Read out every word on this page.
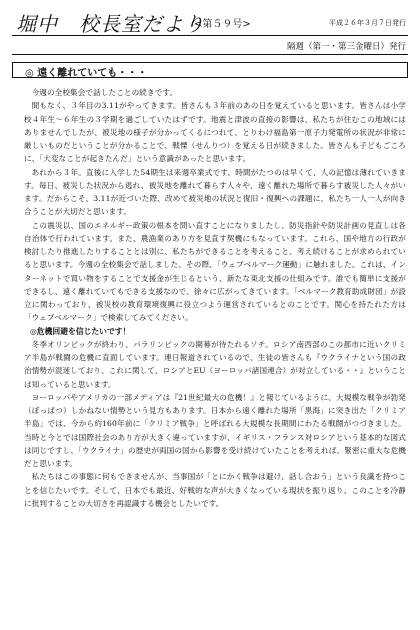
堀中　校長室だより
<第５９号>	平成２６年３月７日発行
隔週（第一・第三金曜日）発行
◎ 遠く離れていても・・・

今週の全校集会で話したことの続きです。

間もなく、３年目の3.11がやってきます。皆さんも３年前のあの日を覚えていると思います。皆さんは小学校４年生〜６年生の３学期を過ごしていたはずです。地震と津波の直接の影響は、私たちが住むこの地域にはありませんでしたが、被災地の様子が分かってくるにつれて、とりわけ福島第一原子力発電所の状況が非常に厳しいものだということが分かることで、戦慄（せんりつ）を覚える日が続きました。皆さんも子どもごころに、「大変なことが起きたんだ」という意識があったと思います。

あれから３年。直後に入学した54期生は来週卒業式です。時間がたつのは早くて、人の記憶は薄れていきます。毎日、被災した状況から逃れ、被災地を離れて暮らす人々や、遠く離れた場所で暮らす被災した人々がいます。だからこそ、3.11が近づいた際、改めて被災地の状況と復旧・復興への課題に、私たち一人一人が向き合うことが大切だと思います。

この震災以、国のエネルギー政策の根本を問い直すことになりましたし、防災指針や防災計画の見直しは各自治体で行われています。また、農漁業のあり方を見直す契機にもなっています。これら、国や地方の行政が検討したり推進したりすることとは別に、私たちができることを考えること、考え続けることが求められていると思います。今週の全校集会で話しました。その際、「ウェブベルマーク運動」に触れました。これは、インターネットで買い物をすることで支援金が生じるという、新たな東北支援の仕組みです。誰でも簡単に支援ができるし、遠く離れていてもできる支援なので、徐々に広がってきています。「ベルマーク教育助成財団」が設立に関わっており、被災校の教育環境復興に役立つよう運営されているとのことです。関心を持たれた方は「ウェブベルマーク」で検索してみてください。

◎危機回避を信じたいです！

冬季オリンピックが終わり、パラリンピックの開幕が待たれるソチ。ロシア南西部のこの都市に近いクリミア半島が戦闘の危機に直面しています。連日報道されているので、生徒の皆さんも『ウクライナという国の政治情勢が混迷しており、これに関して、ロシアとEU（ヨーロッパ諸国連合）が対立している・・』ということは知っていると思います。

ヨーロッパやアメリカの一部メディアは『21世紀最大の危機！』と報じているように、大規模な戦争が勃発（ぼっぱつ）しかねない情勢という見方もあります。日本から遠く離れた場所「黒海」に突き出た「クリミア半島」では、今から約160年前に「クリミア戦争」と呼ばれる大規模な長期間にわたる戦闘がつづきました。当時と今とでは国際社会のあり方が大きく違っていますが、イギリス・フランス対ロシアという基本的な図式は同じですし、「ウクライナ」の歴史が両国の国から影響を受け続けていたことを考えれば、緊密に重大な危機だと思います。

私たちはこの事態に何もできませんが、当事国が「とにかく戦争は避け、話し合おう」という良識を持つことを信じたいです。そして、日本でも最近、好戦的な声が大きくなっている現状を振り返り、このことを冷静に批判することの大切さを再認識する機会としたいです。
